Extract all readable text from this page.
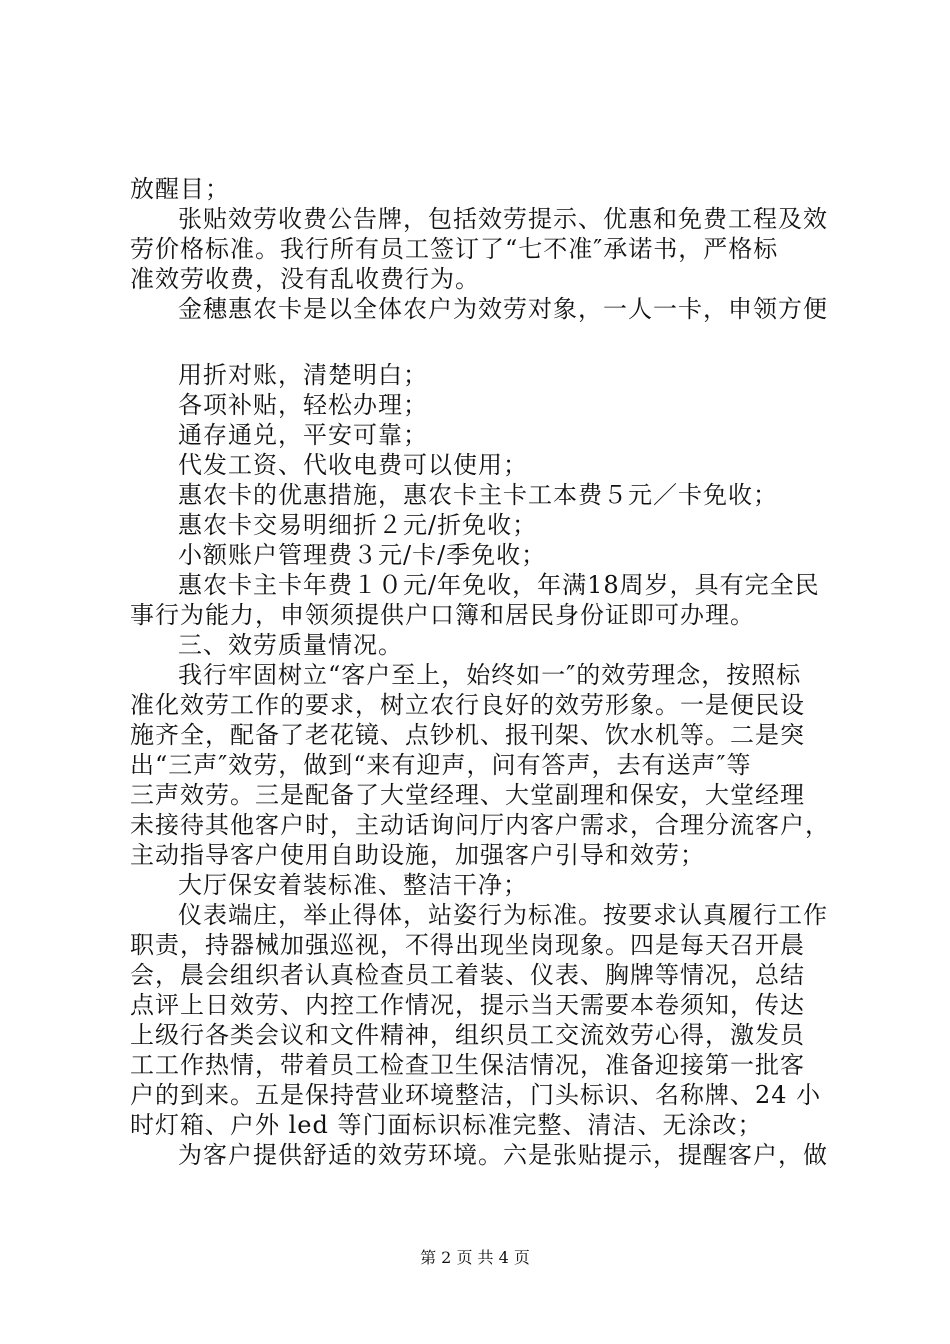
放醒目；
张贴效劳收费公告牌，包括效劳提示、优惠和免费工程及效
劳价格标准。我行所有员工签订了“七不准″承诺书，严格标
准效劳收费，没有乱收费行为。
金穗惠农卡是以全体农户为效劳对象，一人一卡，申领方便
用折对账，清楚明白；
各项补贴，轻松办理；
通存通兑，平安可靠；
代发工资、代收电费可以使用；
惠农卡的优惠措施，惠农卡主卡工本费５元／卡免收；
惠农卡交易明细折２元/折免收；
小额账户管理费３元/卡/季免收；
惠农卡主卡年费１０元/年免收，年满18周岁，具有完全民
事行为能力，申领须提供户口簿和居民身份证即可办理。
三、效劳质量情况。
我行牢固树立“客户至上，始终如一″的效劳理念，按照标
准化效劳工作的要求，树立农行良好的效劳形象。一是便民设
施齐全，配备了老花镜、点钞机、报刊架、饮水机等。二是突
出“三声″效劳，做到“来有迎声，问有答声，去有送声″等
三声效劳。三是配备了大堂经理、大堂副理和保安，大堂经理
未接待其他客户时，主动话询问厅内客户需求，合理分流客户，
主动指导客户使用自助设施，加强客户引导和效劳；
大厅保安着装标准、整洁干净；
仪表端庄，举止得体，站姿行为标准。按要求认真履行工作
职责，持器械加强巡视，不得出现坐岗现象。四是每天召开晨
会，晨会组织者认真检查员工着装、仪表、胸牌等情况，总结
点评上日效劳、内控工作情况，提示当天需要本卷须知，传达
上级行各类会议和文件精神，组织员工交流效劳心得，激发员
工工作热情，带着员工检查卫生保洁情况，准备迎接第一批客
户的到来。五是保持营业环境整洁，门头标识、名称牌、24 小
时灯箱、户外 led 等门面标识标准完整、清洁、无涂改；
为客户提供舒适的效劳环境。六是张贴提示，提醒客户，做
第 2 页 共 4 页
